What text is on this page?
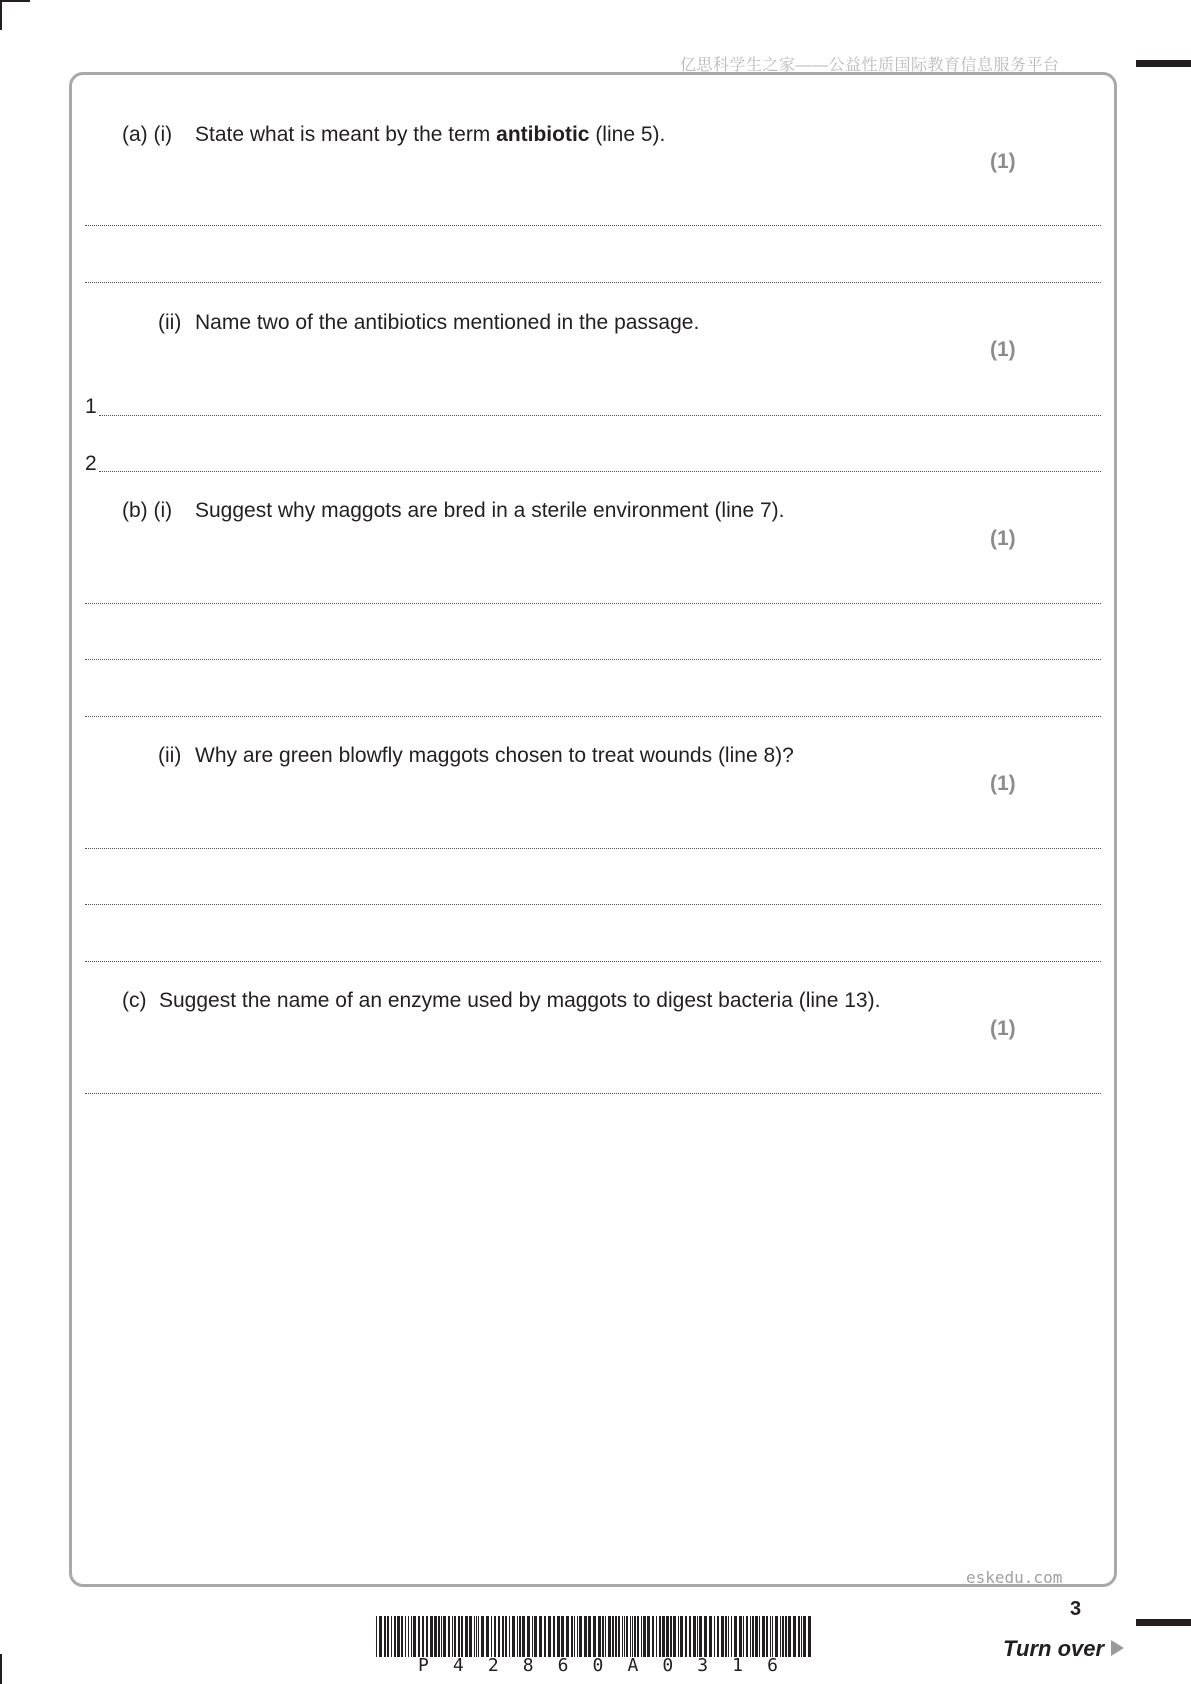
亿思科学生之家——公益性质国际教育信息服务平台
(a) (i) State what is meant by the term antibiotic (line 5).
(1)
(ii) Name two of the antibiotics mentioned in the passage.
(1)
1
2
(b) (i) Suggest why maggots are bred in a sterile environment (line 7).
(1)
(ii) Why are green blowfly maggots chosen to treat wounds (line 8)?
(1)
(c) Suggest the name of an enzyme used by maggots to digest bacteria (line 13).
(1)
eskedu.com
3
Turn over
P 4 2 8 6 0 A 0 3 1 6
